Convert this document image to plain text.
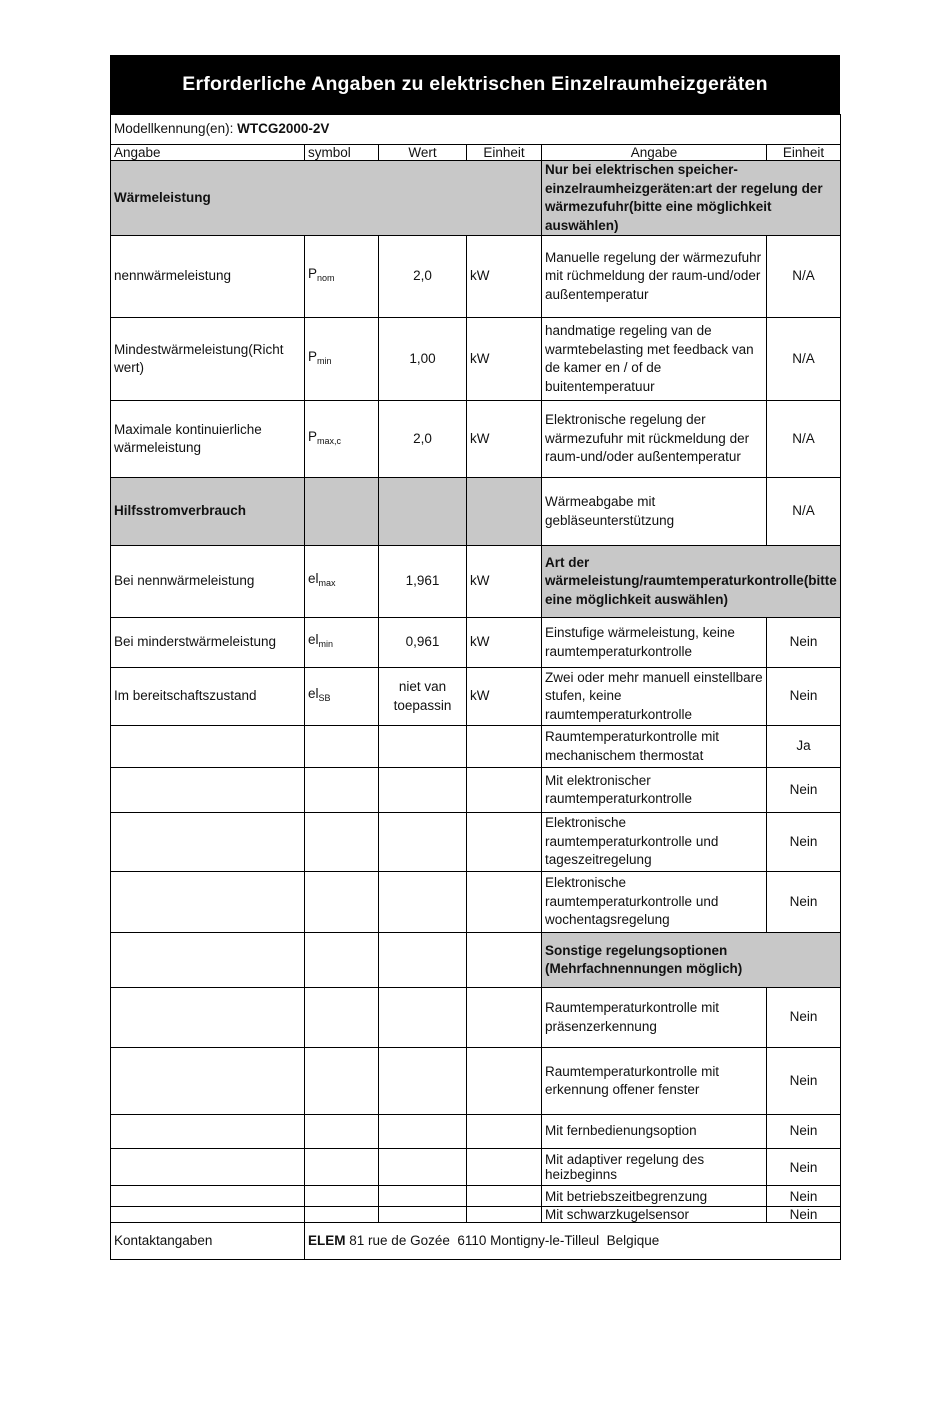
Erforderliche Angaben zu elektrischen Einzelraumheizgeräten
Modellkennung(en): WTCG2000-2V					
Angabe	symbol	Wert	Einheit	Angabe	Einheit
Wärmeleistung				Nur bei elektrischen speicher-einzelraumheizgeräten:art der regelung der wärmezufuhr(bitte eine möglichkeit auswählen)	
nennwärmeleistung	$P_{nom}$	2,0	kW	Manuelle regelung der wärmezufuhr mit rüchmeldung der raum-und/oder außentemperatur	N/A
Mindestwärmeleistung(Richt wert)	$P_{min}$	1,00	kW	handmatige regeling van de warmtebelasting met feedback van de kamer en / of de buitentemperatuur	N/A
Maximale kontinuierliche wärmeleistung	$P_{max,c}$	2,0	kW	Elektronische regelung der wärmezufuhr mit rückmeldung der raum-und/oder außentemperatur	N/A
Hilfsstromverbrauch				Wärmeabgabe mit gebläseunterstützung	N/A
Bei nennwärmeleistung	$el_{max}$	1,961	kW	Art der wärmeleistung/raumtemperaturkontrolle(bitte eine möglichkeit auswählen)	
Bei minderstwärmeleistung	$el_{min}$	0,961	kW	Einstufige wärmeleistung, keine raumtemperaturkontrolle	Nein
Im bereitschaftszustand	$el_{SB}$	niet van toepassin	kW	Zwei oder mehr manuell einstellbare stufen, keine raumtemperaturkontrolle	Nein
				Raumtemperaturkontrolle mit mechanischem thermostat	Ja
				Mit elektronischer raumtemperaturkontrolle	Nein
				Elektronische raumtemperaturkontrolle und tageszeitregelung	Nein
				Elektronische raumtemperaturkontrolle und wochentagsregelung	Nein
				Sonstige regelungsoptionen (Mehrfachnennungen möglich)	
				Raumtemperaturkontrolle mit präsenzerkennung	Nein
				Raumtemperaturkontrolle mit erkennung offener fenster	Nein
				Mit fernbedienungsoption	Nein
				Mit adaptiver regelung des heizbeginns	Nein
				Mit betriebszeitbegrenzung	Nein
				Mit schwarzkugelsensor	Nein
Kontaktangaben	ELEM 81 rue de Gozée  6110 Montigny-le-Tilleul  Belgique				
